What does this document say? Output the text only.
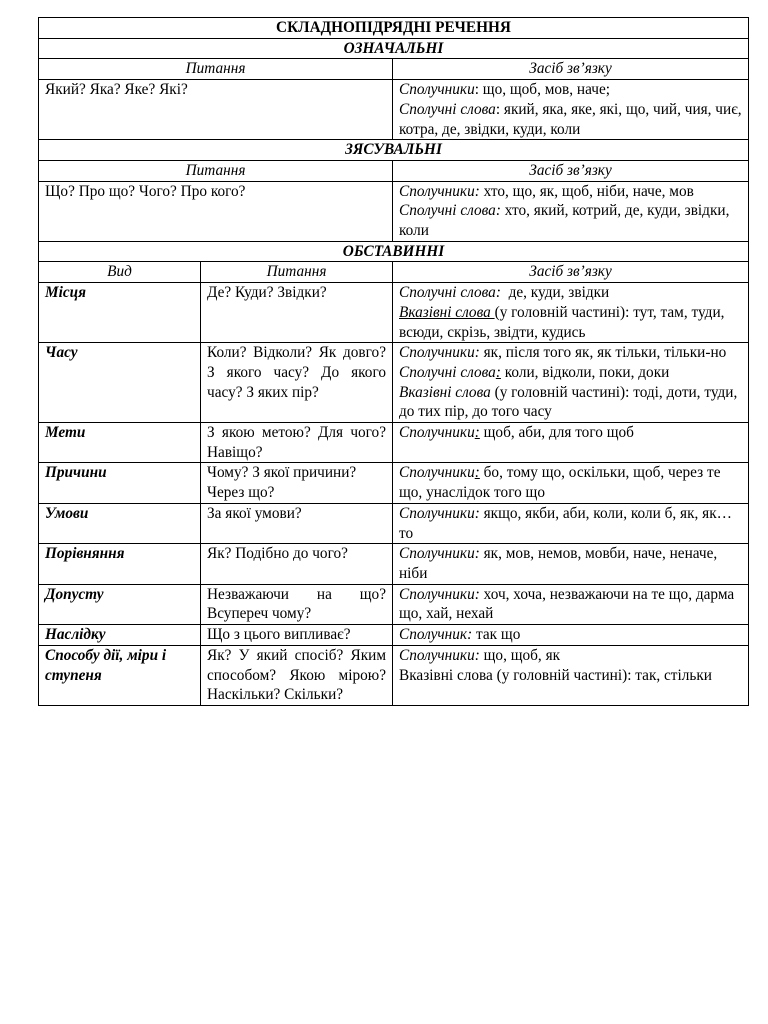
СКЛАДНОПІДРЯДНІ РЕЧЕННЯ		
ОЗНАЧАЛЬНІ		
Питання		Засіб зв’язку
Який? Яка? Яке? Які?		Сполучники: що, щоб, мов, наче;
Сполучні слова: який, яка, яке, які, що, чий, чия, чиє, котра, де, звідки, куди, коли

ЗЯСУВАЛЬНІ		
Питання		Засіб зв’язку
Що? Про що? Чого? Про кого?		Сполучники: хто, що, як, щоб, ніби, наче, мов
Сполучні слова: хто, який, котрий, де, куди, звідки, коли

ОБСТАВИННІ		
Вид	Питання	Засіб зв’язку
Місця	Де? Куди? Звідки?	Сполучні слова:  де, куди, звідки
Вказівні слова (у головній частині): тут, там, туди, всюди, скрізь, звідти, кудись

Часу	Коли? Відколи? Як довго? З якого часу? До якого часу? З яких пір?	Сполучники: як, після того як, як тільки, тільки-но
Сполучні слова: коли, відколи, поки, доки
Вказівні слова (у головній частині): тоді, доти, туди, до тих пір, до того часу

Мети	З якою метою? Для чого? Навіщо?	Сполучники: щоб, аби, для того щоб

Причини	Чому? З якої причини? Через що?	Сполучники: бо, тому що, оскільки, щоб, через те що, унаслідок того що

Умови	За якої умови?	Сполучники: якщо, якби, аби, коли, коли б, як, як…то

Порівняння	Як? Подібно до чого?	Сполучники: як, мов, немов, мовби, наче, неначе, ніби

Допусту	Незважаючи на що? Всупереч чому?	Сполучники: хоч, хоча, незважаючи на те що, дарма що, хай, нехай

Наслідку	Що з цього випливає?	Сполучник: так що

Способу дії, міри і ступеня	Як? У який спосіб? Яким способом? Якою мірою? Наскільки? Скільки?	Сполучники: що, щоб, як
Вказівні слова (у головній частині): так, стільки
